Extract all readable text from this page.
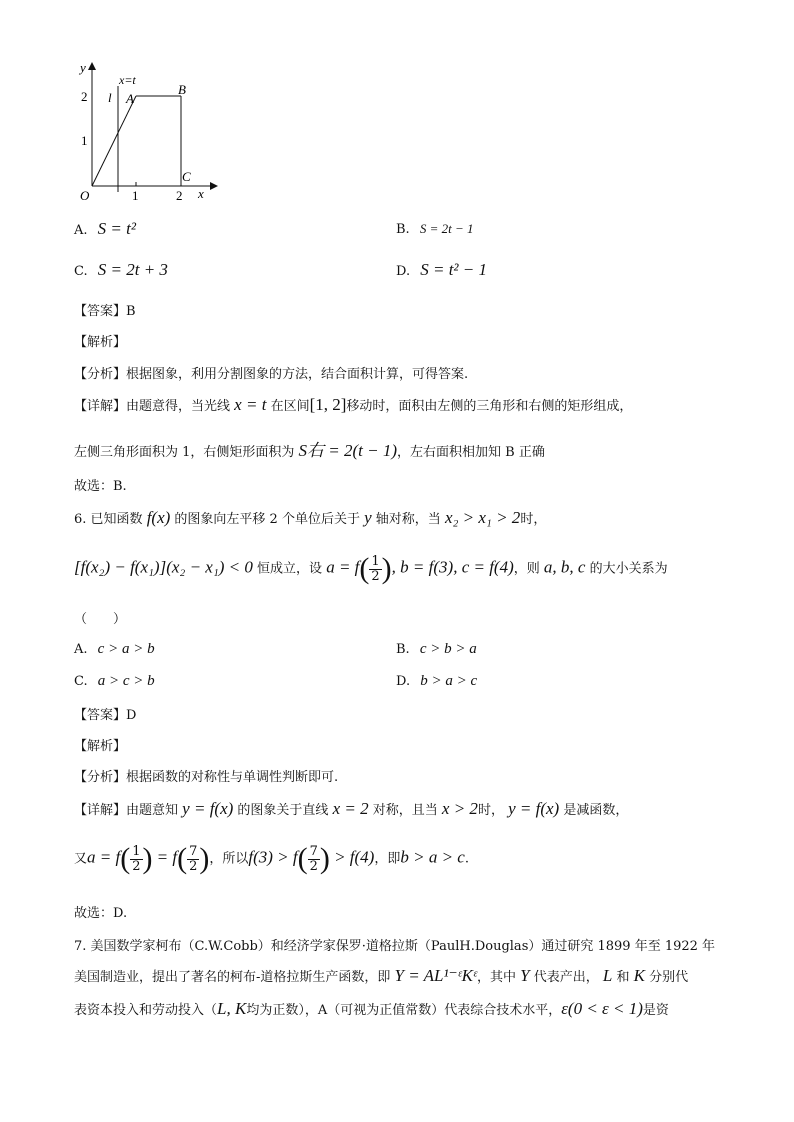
y
x
x=t
l A
B
C
O
2
1
1	2
A. S = t²	B. S = 2t − 1
C. S = 2t + 3	D. S = t² − 1
【答案】B
【解析】
【分析】根据图象，利用分割图象的方法，结合面积计算，可得答案.
【详解】由题意得，当光线 x = t 在区间[1, 2]移动时，面积由左侧的三角形和右侧的矩形组成，
左侧三角形面积为 1，右侧矩形面积为 S右 = 2(t − 1)，左右面积相加知 B 正确
故选：B.
6. 已知函数 f(x) 的图象向左平移 2 个单位后关于 y 轴对称，当 x₂ > x₁ > 2时，
[f(x₂) − f(x₁)](x₂ − x₁) < 0 恒成立，设 $a = f( \frac{1}{2}$ ), b = f(3), c = f(4)，则 a, b, c 的大小关系为
（　　）
A. c > a > b	B. c > b > a
C. a > c > b	D. b > a > c
【答案】D
【解析】
【分析】根据函数的对称性与单调性判断即可.
【详解】由题意知 y = f(x) 的图象关于直线 x = 2 对称，且当 x > 2时， y = f(x) 是减函数，
又$a = f( \frac{1}{2}$ ) = $f( \frac{7}{2}$ )，所以$f(3) > f( \frac{7}{2}$ ) > f(4)，即b > a > c.
故选：D.
7. 美国数学家柯布（C.W.Cobb）和经济学家保罗·道格拉斯（PaulH.Douglas）通过研究 1899 年至 1922 年
美国制造业，提出了著名的柯布-道格拉斯生产函数，即 Y = AL¹⁻ᵋKᵋ，其中 Y 代表产出， L 和 K 分别代
表资本投入和劳动投入（L, K均为正数），A（可视为正值常数）代表综合技术水平，ε(0 < ε < 1)是资
